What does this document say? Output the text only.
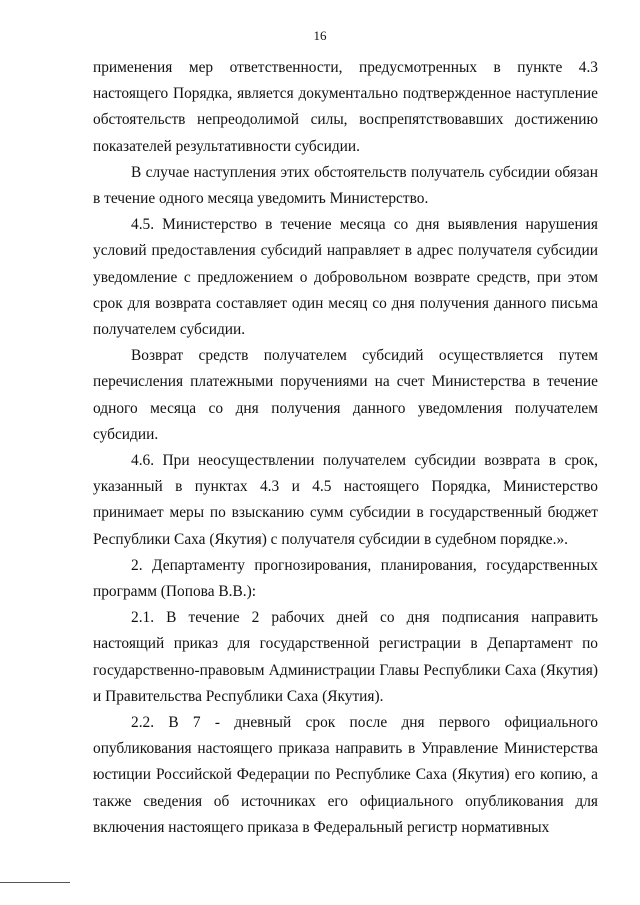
16

применения мер ответственности, предусмотренных в пункте 4.3 настоящего Порядка, является документально подтвержденное наступление обстоятельств непреодолимой силы, воспрепятствовавших достижению показателей результативности субсидии.

В случае наступления этих обстоятельств получатель субсидии обязан в течение одного месяца уведомить Министерство.

4.5. Министерство в течение месяца со дня выявления нарушения условий предоставления субсидий направляет в адрес получателя субсидии уведомление с предложением о добровольном возврате средств, при этом срок для возврата составляет один месяц со дня получения данного письма получателем субсидии.

Возврат средств получателем субсидий осуществляется путем перечисления платежными поручениями на счет Министерства в течение одного месяца со дня получения данного уведомления получателем субсидии.

4.6. При неосуществлении получателем субсидии возврата в срок, указанный в пунктах 4.3 и 4.5 настоящего Порядка, Министерство принимает меры по взысканию сумм субсидии в государственный бюджет Республики Саха (Якутия) с получателя субсидии в судебном порядке.».

2. Департаменту прогнозирования, планирования, государственных программ (Попова В.В.):

2.1. В течение 2 рабочих дней со дня подписания направить настоящий приказ для государственной регистрации в Департамент по государственно-правовым Администрации Главы Республики Саха (Якутия) и Правительства Республики Саха (Якутия).

2.2. В 7 - дневный срок после дня первого официального опубликования настоящего приказа направить в Управление Министерства юстиции Российской Федерации по Республике Саха (Якутия) его копию, а также сведения об источниках его официального опубликования для включения настоящего приказа в Федеральный регистр нормативных
